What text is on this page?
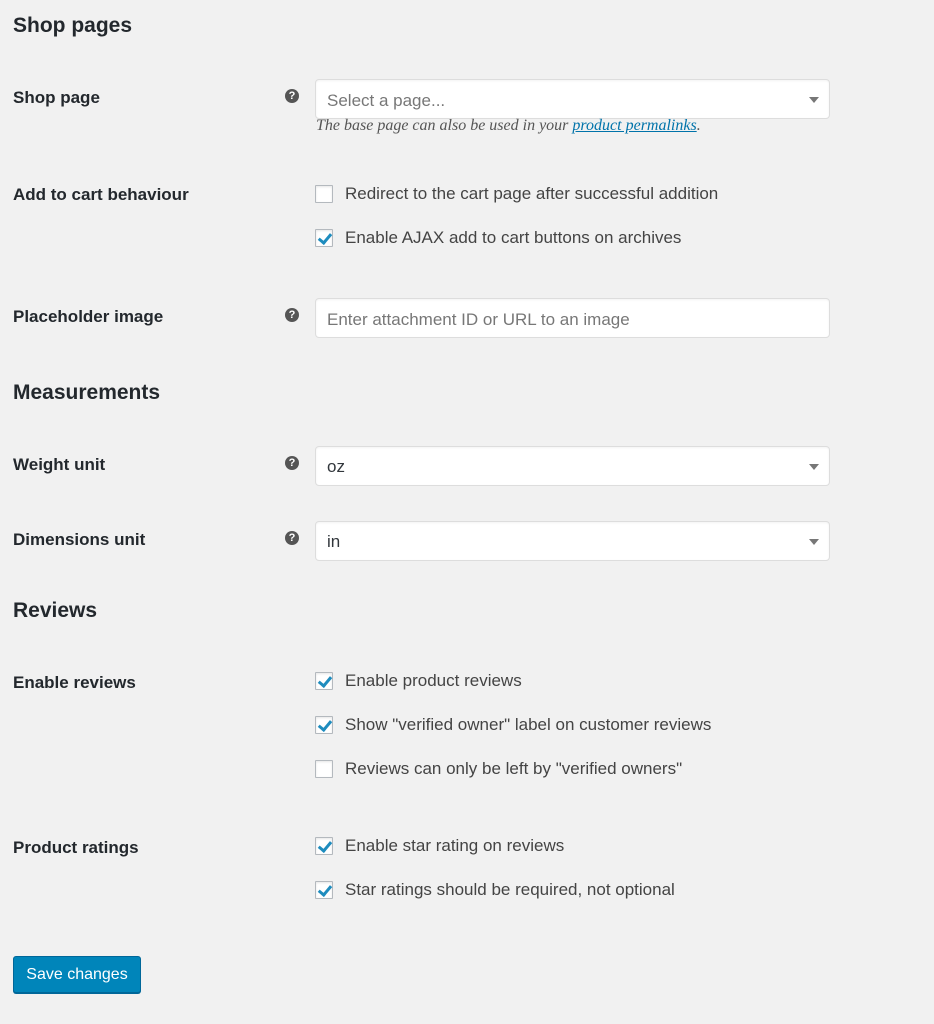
Shop pages
Shop page	? Select a page...
The base page can also be used in your product permalinks.
Add to cart behaviour	Redirect to the cart page after successful addition
Enable AJAX add to cart buttons on archives
Placeholder image	? Enter attachment ID or URL to an image
Measurements
Weight unit	? oz
Dimensions unit	? in
Reviews
Enable reviews	Enable product reviews
Show "verified owner" label on customer reviews
Reviews can only be left by "verified owners"
Product ratings	Enable star rating on reviews
Star ratings should be required, not optional
Save changes
